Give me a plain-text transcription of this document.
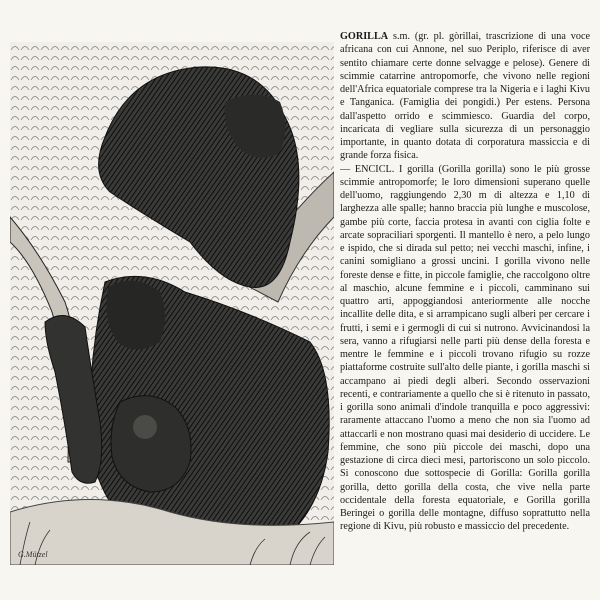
G.Mützel

GORILLA s.m. (gr. pl. gòrillai, trascrizione di una voce africana con cui Annone, nel suo Periplo, riferisce di aver sentito chiamare certe donne selvagge e pelose). Genere di scimmie catarrine antropomorfe, che vivono nelle regioni dell'Africa equatoriale comprese tra la Nigeria e i laghi Kivu e Tanganica. (Famiglia dei pongidi.) Per estens. Persona dall'aspetto orrido e scimmiesco. Guardia del corpo, incaricata di vegliare sulla sicurezza di un personaggio importante, in quanto dotata di corporatura massiccia e di grande forza fisica.

— ENCICL. I gorilla (Gorilla gorilla) sono le più grosse scimmie antropomorfe; le loro dimensioni superano quelle dell'uomo, raggiungendo 2,30 m di altezza e 1,10 di larghezza alle spalle; hanno braccia più lunghe e muscolose, gambe più corte, faccia protesa in avanti con ciglia folte e arcate sopraciliari sporgenti. Il mantello è nero, a pelo lungo e ispido, che si dirada sul petto; nei vecchi maschi, infine, i canini somigliano a grossi uncini. I gorilla vivono nelle foreste dense e fitte, in piccole famiglie, che raccolgono oltre al maschio, alcune femmine e i piccoli, camminano sui quattro arti, appoggiandosi anteriormente alle nocche incallite delle dita, e si arrampicano sugli alberi per cercare i frutti, i semi e i germogli di cui si nutrono. Avvicinandosi la sera, vanno a rifugiarsi nelle parti più dense della foresta e mentre le femmine e i piccoli trovano rifugio su rozze piattaforme costruite sull'alto delle piante, i gorilla maschi si accampano ai piedi degli alberi. Secondo osservazioni recenti, e contrariamente a quello che si è ritenuto in passato, i gorilla sono animali d'indole tranquilla e poco aggressivi: raramente attaccano l'uomo a meno che non sia l'uomo ad attaccarli e non mostrano quasi mai desiderio di uccidere. Le femmine, che sono più piccole dei maschi, dopo una gestazione di circa dieci mesi, partoriscono un solo piccolo. Si conoscono due sottospecie di Gorilla: Gorilla gorilla gorilla, detto gorilla della costa, che vive nella parte occidentale della foresta equatoriale, e Gorilla gorilla Beringei o gorilla delle montagne, diffuso soprattutto nella regione di Kivu, più robusto e massiccio del precedente.
